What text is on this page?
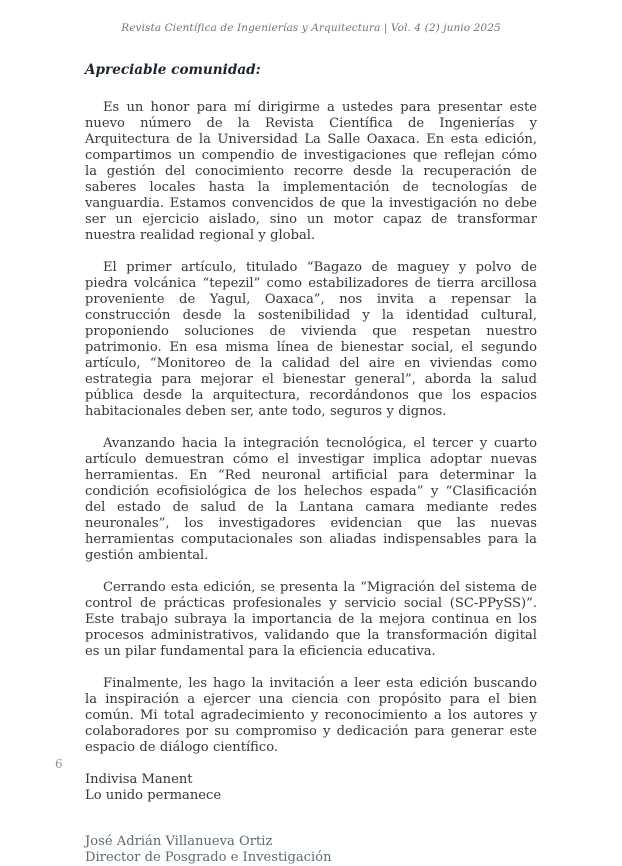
Revista Científica de Ingenierías y Arquitectura | Vol. 4 (2) junio 2025

Apreciable comunidad:

Es un honor para mí dirigirme a ustedes para presentar este nuevo número de la Revista Científica de Ingenierías y Arquitectura de la Universidad La Salle Oaxaca. En esta edición, compartimos un compendio de investigaciones que reflejan cómo la gestión del conocimiento recorre desde la recuperación de saberes locales hasta la implementación de tecnologías de vanguardia. Estamos convencidos de que la investigación no debe ser un ejercicio aislado, sino un motor capaz de transformar nuestra realidad regional y global.

El primer artículo, titulado “Bagazo de maguey y polvo de piedra volcánica “tepezil” como estabilizadores de tierra arcillosa proveniente de Yagul, Oaxaca”, nos invita a repensar la construcción desde la sostenibilidad y la identidad cultural, proponiendo soluciones de vivienda que respetan nuestro patrimonio. En esa misma línea de bienestar social, el segundo artículo, “Monitoreo de la calidad del aire en viviendas como estrategia para mejorar el bienestar general”, aborda la salud pública desde la arquitectura, recordándonos que los espacios habitacionales deben ser, ante todo, seguros y dignos.

Avanzando hacia la integración tecnológica, el tercer y cuarto artículo demuestran cómo el investigar implica adoptar nuevas herramientas. En “Red neuronal artificial para determinar la condición ecofisiológica de los helechos espada” y “Clasificación del estado de salud de la Lantana camara mediante redes neuronales”, los investigadores evidencian que las nuevas herramientas computacionales son aliadas indispensables para la gestión ambiental.

Cerrando esta edición, se presenta la “Migración del sistema de control de prácticas profesionales y servicio social (SC-PPySS)”. Este trabajo subraya la importancia de la mejora continua en los procesos administrativos, validando que la transformación digital es un pilar fundamental para la eficiencia educativa.

Finalmente, les hago la invitación a leer esta edición buscando la inspiración a ejercer una ciencia con propósito para el bien común. Mi total agradecimiento y reconocimiento a los autores y colaboradores por su compromiso y dedicación para generar este espacio de diálogo científico.

Indivisa Manent
Lo unido permanece
José Adrián Villanueva Ortiz
Director de Posgrado e Investigación
6
